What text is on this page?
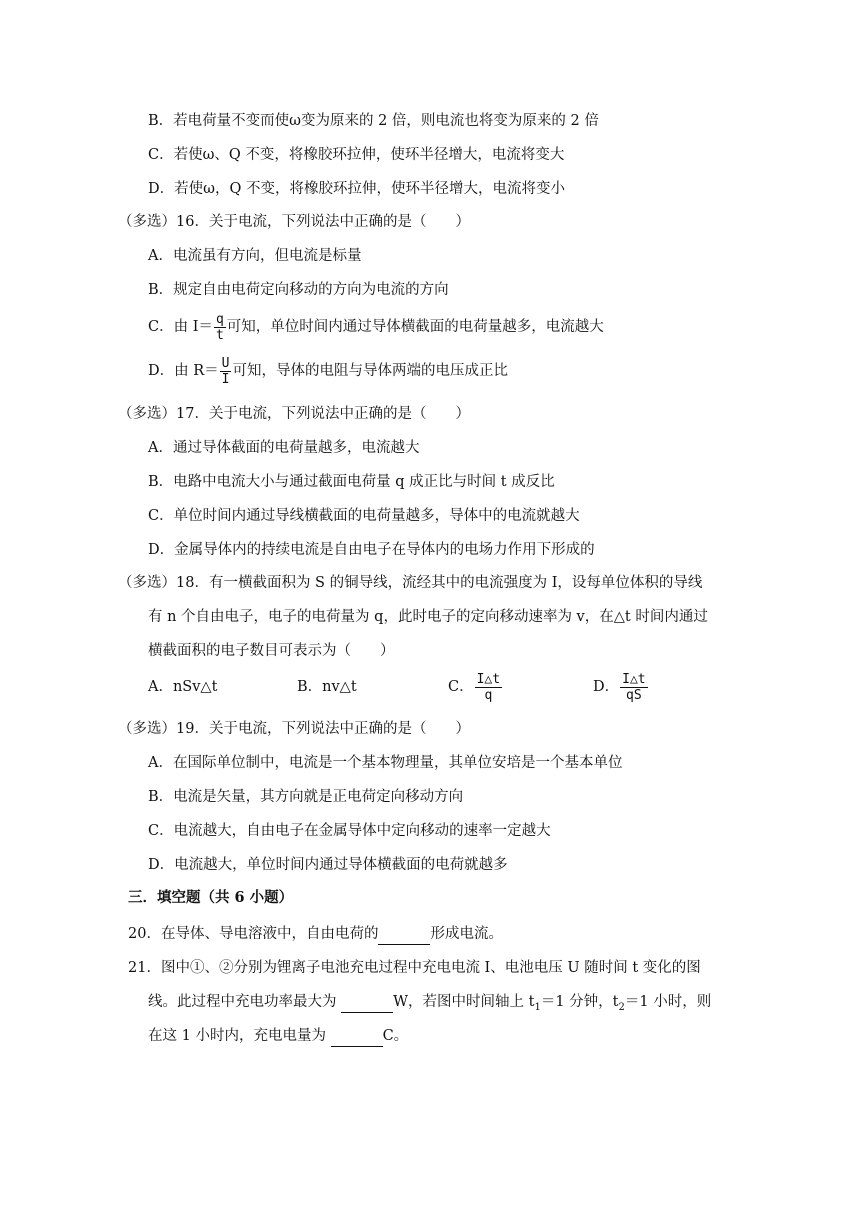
B．若电荷量不变而使ω变为原来的 2 倍，则电流也将变为原来的 2 倍
C．若使ω、Q 不变，将橡胶环拉伸，使环半径增大，电流将变大
D．若使ω，Q 不变，将橡胶环拉伸，使环半径增大，电流将变小
（多选）16．关于电流，下列说法中正确的是（　　）
A．电流虽有方向，但电流是标量
B．规定自由电荷定向移动的方向为电流的方向
C．由 $I= \frac{q}{t}$ 可知，单位时间内通过导体横截面的电荷量越多，电流越大
D．由 $R= \frac{U}{I}$ 可知，导体的电阻与导体两端的电压成正比
（多选）17．关于电流，下列说法中正确的是（　　）
A．通过导体截面的电荷量越多，电流越大
B．电路中电流大小与通过截面电荷量 q 成正比与时间 t 成反比
C．单位时间内通过导线横截面的电荷量越多，导体中的电流就越大
D．金属导体内的持续电流是自由电子在导体内的电场力作用下形成的
（多选）18．有一横截面积为 S 的铜导线，流经其中的电流强度为 I，设每单位体积的导线
有 n 个自由电子，电子的电荷量为 q，此时电子的定向移动速率为 v，在△t 时间内通过
横截面积的电子数目可表示为（　　）
A．nSv△t	B．nv△t	C． $\frac{I\triangle t}{q}$	D． $\frac{I\triangle t}{qS}$
（多选）19．关于电流，下列说法中正确的是（　　）
A．在国际单位制中，电流是一个基本物理量，其单位安培是一个基本单位
B．电流是矢量，其方向就是正电荷定向移动方向
C．电流越大，自由电子在金属导体中定向移动的速率一定越大
D．电流越大，单位时间内通过导体横截面的电荷就越多
三．填空题（共 6 小题）
20．在导体、导电溶液中，自由电荷的	形成电流。
21．图中①、②分别为锂离子电池充电过程中充电电流 I、电池电压 U 随时间 t 变化的图
线。此过程中充电功率最大为	W，若图中时间轴上 $t_1=1$ 分钟，$t_2=1$ 小时，则
在这 1 小时内，充电电量为	C。
